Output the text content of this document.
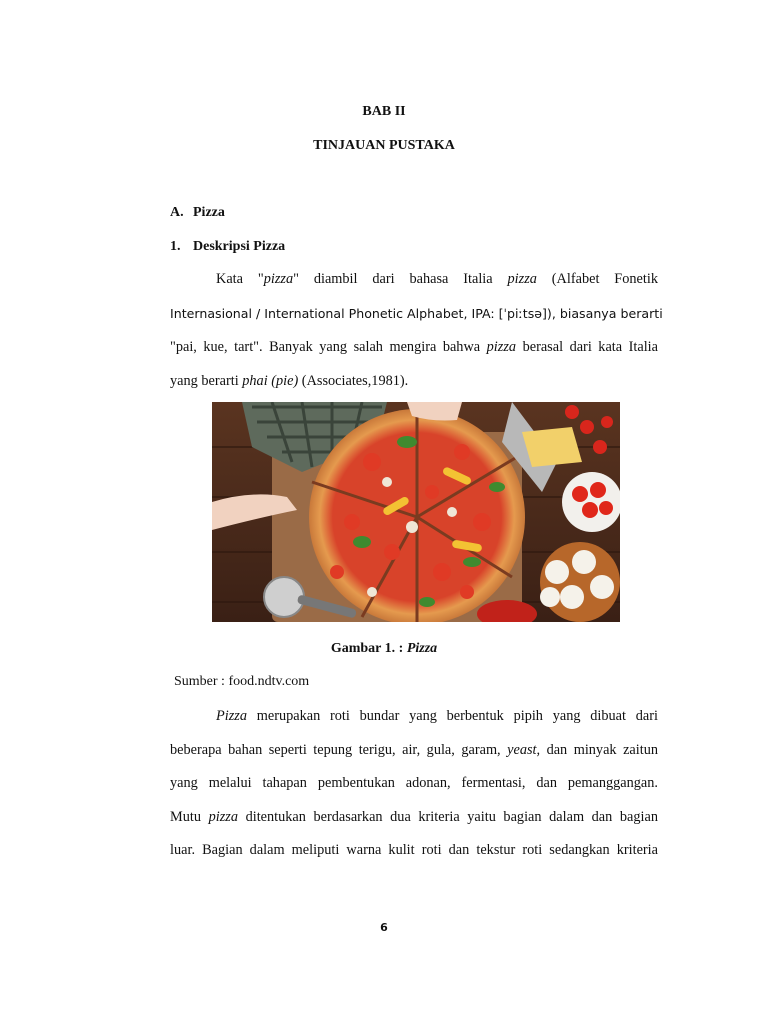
BAB II
TINJAUAN PUSTAKA
A. Pizza
1. Deskripsi Pizza
Kata "pizza" diambil dari bahasa Italia pizza (Alfabet Fonetik
Internasional / International Phonetic Alphabet, IPA: [ˈpiːtsə]), biasanya berarti
"pai, kue, tart". Banyak yang salah mengira bahwa pizza berasal dari kata Italia
yang berarti phai (pie) (Associates,1981).
Gambar 1. : Pizza
Sumber : food.ndtv.com
Pizza merupakan roti bundar yang berbentuk pipih yang dibuat dari
beberapa bahan seperti tepung terigu, air, gula, garam, yeast, dan minyak zaitun
yang melalui tahapan pembentukan adonan, fermentasi, dan pemanggangan.
Mutu pizza ditentukan berdasarkan dua kriteria yaitu bagian dalam dan bagian
luar. Bagian dalam meliputi warna kulit roti dan tekstur roti sedangkan kriteria
6
